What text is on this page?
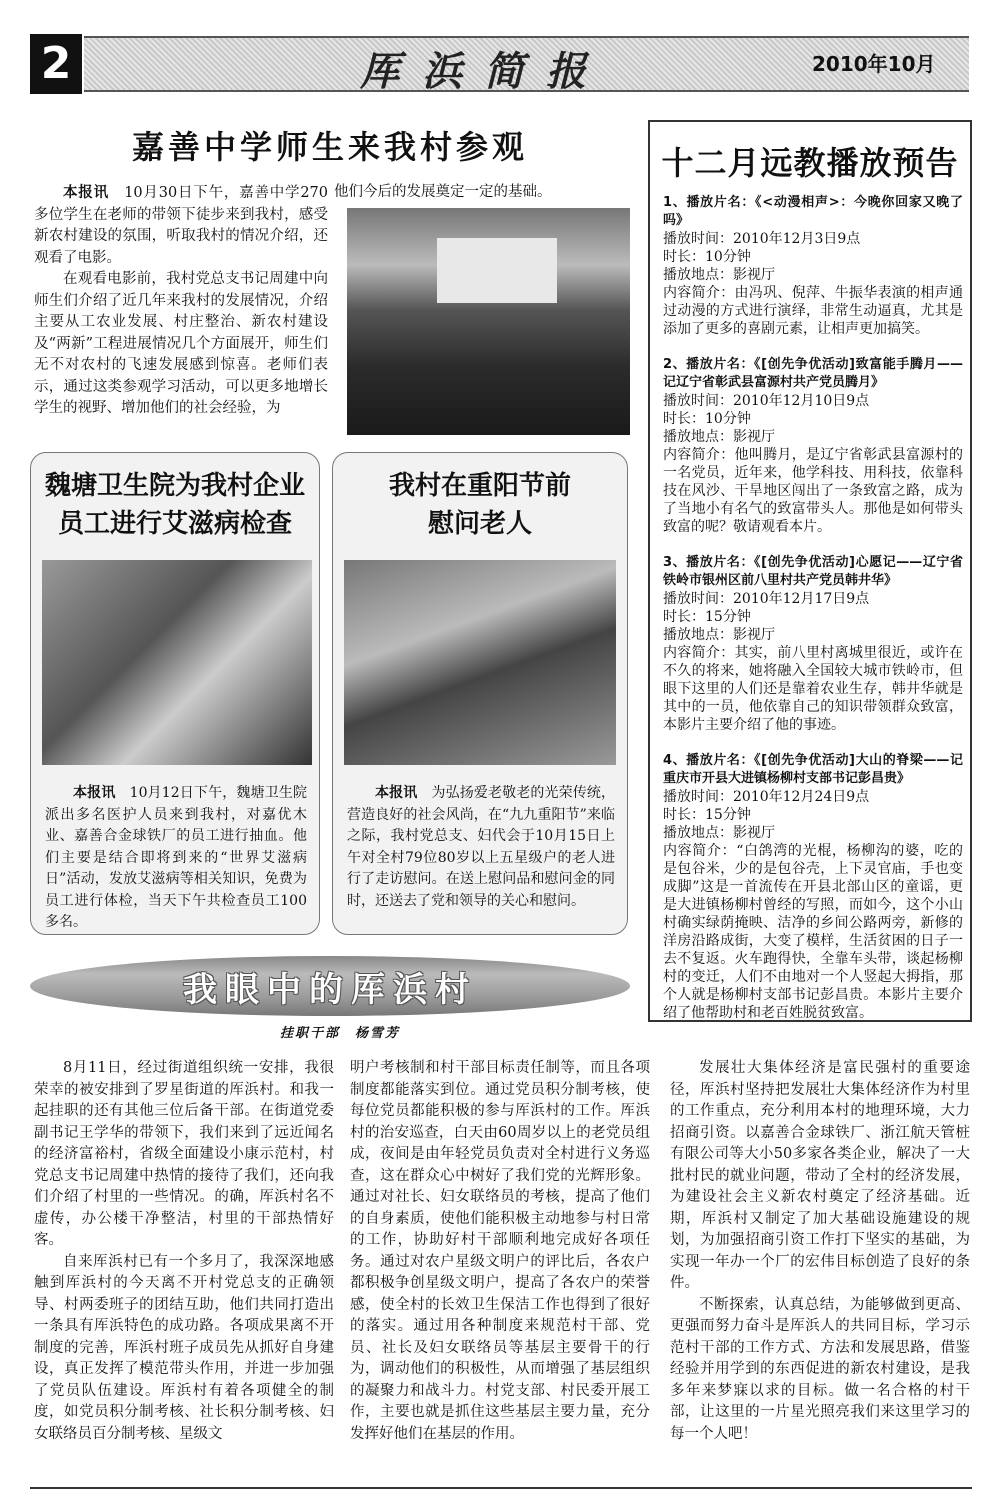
2	厍浜简报	2010年10月
嘉善中学师生来我村参观

本报讯　 10月30日下午，嘉善中学270多位学生在老师的带领下徒步来到我村，感受新农村建设的氛围，听取我村的情况介绍，还观看了电影。

在观看电影前，我村党总支书记周建中向师生们介绍了近几年来我村的发展情况，介绍主要从工农业发展、村庄整治、新农村建设及“两新”工程进展情况几个方面展开，师生们无不对农村的飞速发展感到惊喜。老师们表示，通过这类参观学习活动，可以更多地增长学生的视野、增加他们的社会经验，为

他们今后的发展奠定一定的基础。
魏塘卫生院为我村企业
员工进行艾滋病检查

本报讯　 10月12日下午，魏塘卫生院派出多名医护人员来到我村，对嘉优木业、嘉善合金球铁厂的员工进行抽血。他们主要是结合即将到来的“世界艾滋病日”活动，发放艾滋病等相关知识，免费为员工进行体检，当天下午共检查员工100多名。

我村在重阳节前
慰问老人

本报讯　 为弘扬爱老敬老的光荣传统，营造良好的社会风尚，在“九九重阳节”来临之际，我村党总支、妇代会于10月15日上午对全村79位80岁以上五星级户的老人进行了走访慰问。在送上慰问品和慰问金的同时，还送去了党和领导的关心和慰问。

十二月远教播放预告

1、播放片名：《<动漫相声>：今晚你回家又晚了吗》

播放时间：2010年12月3日9点

时长：10分钟

播放地点：影视厅

内容简介：由冯巩、倪萍、牛振华表演的相声通过动漫的方式进行演绎，非常生动逼真，尤其是添加了更多的喜剧元素，让相声更加搞笑。

2、播放片名：《[创先争优活动]致富能手腾月——记辽宁省彰武县富源村共产党员腾月》

播放时间：2010年12月10日9点

时长：10分钟

播放地点：影视厅

内容简介：他叫腾月，是辽宁省彰武县富源村的一名党员，近年来，他学科技、用科技，依靠科技在风沙、干旱地区闯出了一条致富之路，成为了当地小有名气的致富带头人。那他是如何带头致富的呢？敬请观看本片。

3、播放片名：《[创先争优活动]心愿记——辽宁省铁岭市银州区前八里村共产党员韩井华》

播放时间：2010年12月17日9点

时长：15分钟

播放地点：影视厅

内容简介：其实，前八里村离城里很近，或许在不久的将来，她将融入全国较大城市铁岭市，但眼下这里的人们还是靠着农业生存，韩井华就是其中的一员，他依靠自己的知识带领群众致富，本影片主要介绍了他的事迹。

4、播放片名：《[创先争优活动]大山的脊梁——记重庆市开县大进镇杨柳村支部书记彭昌贵》

播放时间：2010年12月24日9点

时长：15分钟

播放地点：影视厅

内容简介：“白鸽湾的光棍，杨柳沟的婆，吃的是包谷米，少的是包谷壳，上下灵官庙，手也变成脚”这是一首流传在开县北部山区的童谣，更是大进镇杨柳村曾经的写照，而如今，这个小山村确实绿荫掩映、洁净的乡间公路两旁，新修的洋房沿路成街，大变了模样，生活贫困的日子一去不复返。火车跑得快，全靠车头带，谈起杨柳村的变迁，人们不由地对一个人竖起大拇指，那个人就是杨柳村支部书记彭昌贵。本影片主要介绍了他帮助村和老百姓脱贫致富。

我眼中的厍浜村
挂职干部　杨雪芳

8月11日，经过街道组织统一安排，我很荣幸的被安排到了罗星街道的厍浜村。和我一起挂职的还有其他三位后备干部。在街道党委副书记王学华的带领下，我们来到了远近闻名的经济富裕村，省级全面建设小康示范村，村党总支书记周建中热情的接待了我们，还向我们介绍了村里的一些情况。的确，厍浜村名不虚传，办公楼干净整洁，村里的干部热情好客。

自来厍浜村已有一个多月了，我深深地感触到厍浜村的今天离不开村党总支的正确领导、村两委班子的团结互助，他们共同打造出一条具有厍浜特色的成功路。各项成果离不开制度的完善，厍浜村班子成员先从抓好自身建设，真正发挥了模范带头作用，并进一步加强了党员队伍建设。厍浜村有着各项健全的制度，如党员积分制考核、社长积分制考核、妇女联络员百分制考核、星级文

明户考核制和村干部目标责任制等，而且各项制度都能落实到位。通过党员积分制考核，使每位党员都能积极的参与厍浜村的工作。厍浜村的治安巡查，白天由60周岁以上的老党员组成，夜间是由年轻党员负责对全村进行义务巡查，这在群众心中树好了我们党的光辉形象。通过对社长、妇女联络员的考核，提高了他们的自身素质，使他们能积极主动地参与村日常的工作，协助好村干部顺利地完成好各项任务。通过对农户星级文明户的评比后，各农户都积极争创星级文明户，提高了各农户的荣誉感，使全村的长效卫生保洁工作也得到了很好的落实。通过用各种制度来规范村干部、党员、社长及妇女联络员等基层主要骨干的行为，调动他们的积极性，从而增强了基层组织的凝聚力和战斗力。村党支部、村民委开展工作，主要也就是抓住这些基层主要力量，充分发挥好他们在基层的作用。

发展壮大集体经济是富民强村的重要途径，厍浜村坚持把发展壮大集体经济作为村里的工作重点，充分利用本村的地理环境，大力招商引资。以嘉善合金球铁厂、浙江航天管桩有限公司等大小50多家各类企业，解决了一大批村民的就业问题，带动了全村的经济发展，为建设社会主义新农村奠定了经济基础。近期，厍浜村又制定了加大基础设施建设的规划，为加强招商引资工作打下坚实的基础，为实现一年办一个厂的宏伟目标创造了良好的条件。

不断探索，认真总结，为能够做到更高、更强而努力奋斗是厍浜人的共同目标，学习示范村干部的工作方式、方法和发展思路，借鉴经验并用学到的东西促进的新农村建设，是我多年来梦寐以求的目标。做一名合格的村干部，让这里的一片星光照亮我们来这里学习的每一个人吧！
